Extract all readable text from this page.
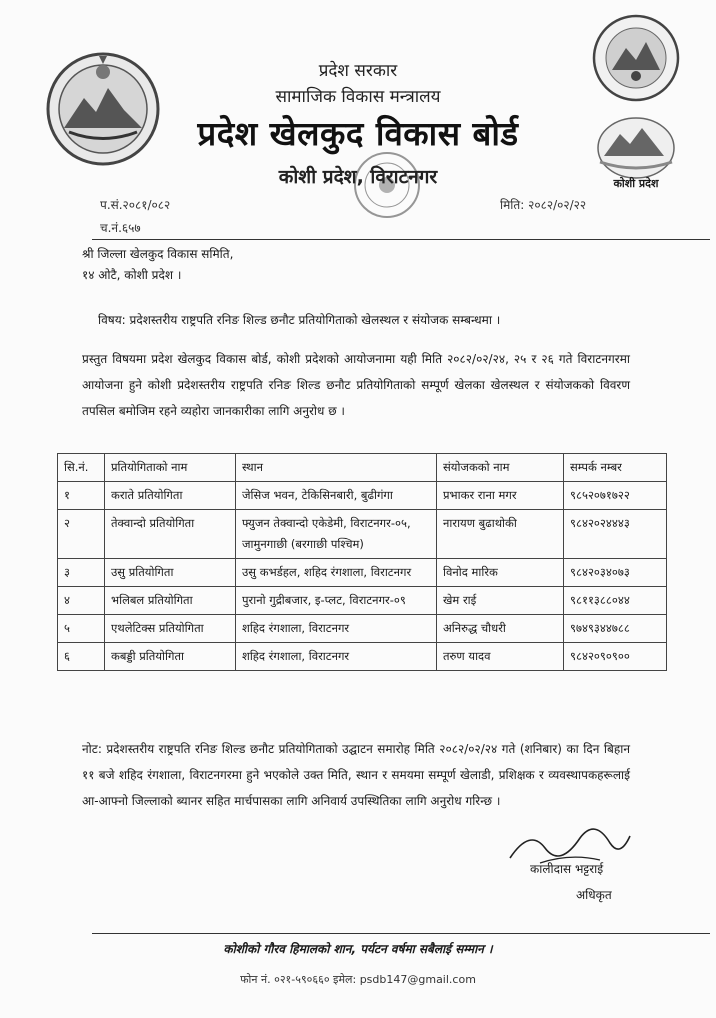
कोशी प्रदेश
प्रदेश सरकार
सामाजिक विकास मन्त्रालय
प्रदेश खेलकुद विकास बोर्ड
कोशी प्रदेश, विराटनगर
प.सं.२०८१/०८२
च.नं.६५७
मिति: २०८२/०२/२२
श्री जिल्ला खेलकुद विकास समिति,
१४ ओटै, कोशी प्रदेश ।
विषय: प्रदेशस्तरीय राष्ट्रपति रनिङ शिल्ड छनौट प्रतियोगिताको खेलस्थल र संयोजक सम्बन्धमा ।
प्रस्तुत विषयमा प्रदेश खेलकुद विकास बोर्ड, कोशी प्रदेशको आयोजनामा यही मिति २०८२/०२/२४, २५ र २६ गते विराटनगरमा आयोजना हुने कोशी प्रदेशस्तरीय राष्ट्रपति रनिङ शिल्ड छनौट प्रतियोगिताको सम्पूर्ण खेलका खेलस्थल र संयोजकको विवरण तपसिल बमोजिम रहने व्यहोरा जानकारीका लागि अनुरोध छ ।
सि.नं.	प्रतियोगिताको नाम	स्थान	संयोजकको नाम	सम्पर्क नम्बर
१	कराते प्रतियोगिता	जेसिज भवन, टेकिसिनबारी, बुढीगंगा	प्रभाकर राना मगर	९८५२०७१७२२
२	तेक्वान्दो प्रतियोगिता	फ्युजन तेक्वान्दो एकेडेमी, विराटनगर-०५, जामुनगाछी (बरगाछी पश्चिम)	नारायण बुढाथोकी	९८४२०२४४४३
३	उसु प्रतियोगिता	उसु कभर्डहल, शहिद रंगशाला, विराटनगर	विनोद मारिक	९८४२०३४०७३
४	भलिबल प्रतियोगिता	पुरानो गुद्रीबजार, इ-प्लट, विराटनगर-०९	खेम राई	९८११३८८०४४
५	एथलेटिक्स प्रतियोगिता	शहिद रंगशाला, विराटनगर	अनिरुद्ध चौधरी	९७४९३४४७८८
६	कबड्डी प्रतियोगिता	शहिद रंगशाला, विराटनगर	तरुण यादव	९८४२०९०९००
नोट: प्रदेशस्तरीय राष्ट्रपति रनिङ शिल्ड छनौट प्रतियोगिताको उद्घाटन समारोह मिति २०८२/०२/२४ गते (शनिबार) का दिन बिहान ११ बजे शहिद रंगशाला, विराटनगरमा हुने भएकोले उक्त मिति, स्थान र समयमा सम्पूर्ण खेलाडी, प्रशिक्षक र व्यवस्थापकहरूलाई आ-आफ्नो जिल्लाको ब्यानर सहित मार्चपासका लागि अनिवार्य उपस्थितिका लागि अनुरोध गरिन्छ ।
कालीदास भट्टराई
अधिकृत
कोशीको गौरव हिमालको शान, पर्यटन वर्षमा सबैलाई सम्मान ।
फोन नं. ०२१-५९०६६० इमेल: psdb147@gmail.com
